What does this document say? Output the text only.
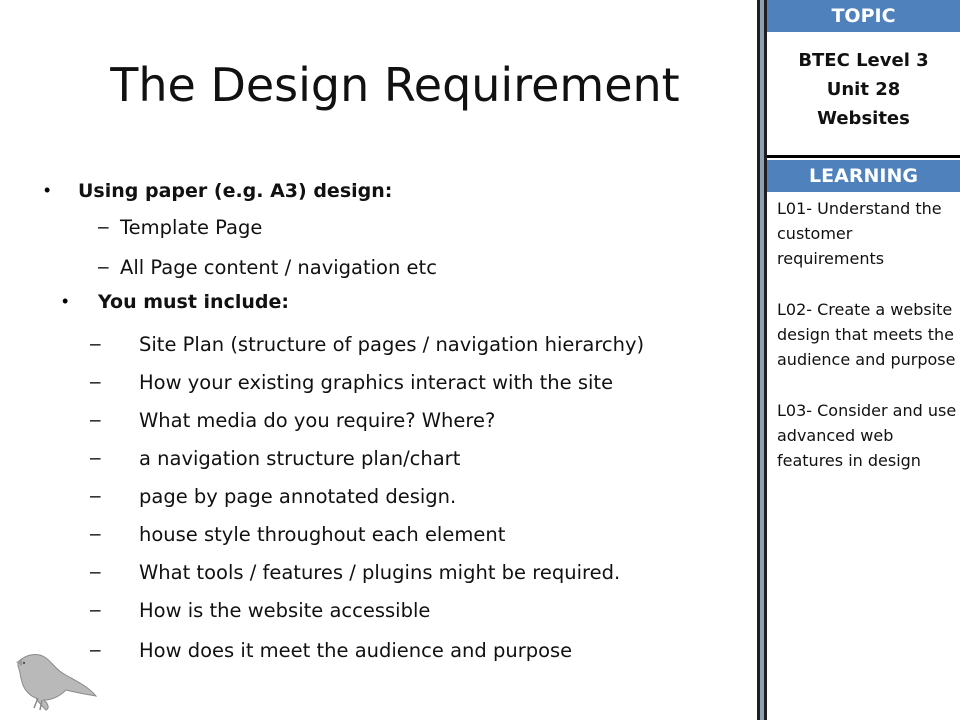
The Design Requirement
• Using paper (e.g. A3) design:
– Template Page
– All Page content / navigation etc
• You must include:
– Site Plan (structure of pages / navigation hierarchy)
– How your existing graphics interact with the site
– What media do you require? Where?
– a navigation structure plan/chart
– page by page annotated design.
– house style throughout each element
– What tools / features / plugins might be required.
– How is the website accessible
– How does it meet the audience and purpose
TOPIC
BTEC Level 3
Unit 28
Websites
LEARNING

L01- Understand the customer requirements

L02- Create a website design that meets the audience and purpose

L03- Consider and use advanced web features in design
